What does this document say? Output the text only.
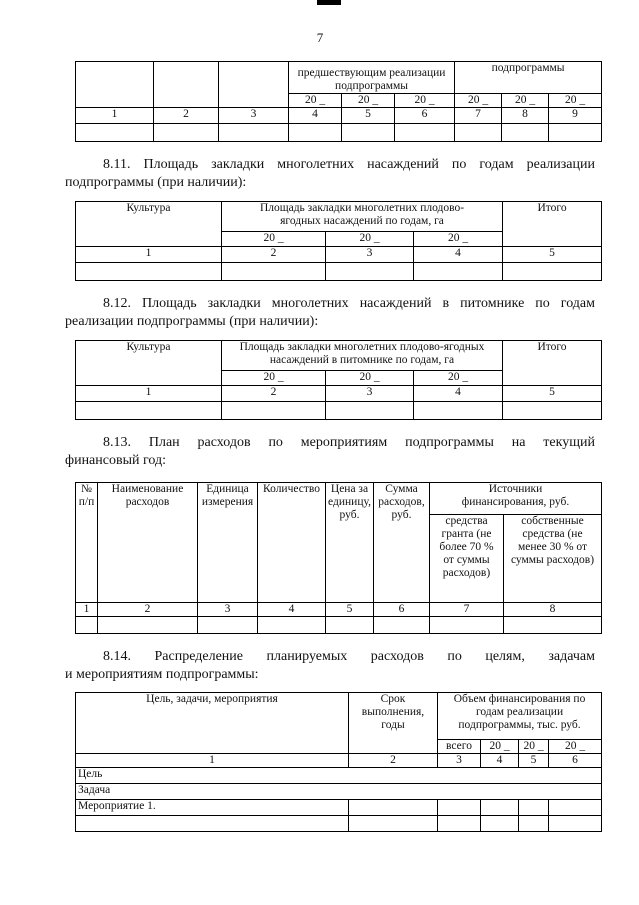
7
			предшествующим реализации подпрограммы			подпрограммы		
			20 _	20 _	20 _	20 _	20 _	20 _
1	2	3	4	5	6	7	8	9

8.11. Площадь закладки многолетних насаждений по годам реализации
подпрограммы (при наличии):
Культура	Площадь закладки многолетних плодово-ягодных насаждений по годам, га			Итого
	20 _	20 _	20 _	
1	2	3	4	5

8.12. Площадь закладки многолетних насаждений в питомнике по годам
реализации подпрограммы (при наличии):
Культура	Площадь закладки многолетних плодово-ягодных насаждений в питомнике по годам, га			Итого
	20 _	20 _	20 _	
1	2	3	4	5

8.13. План расходов по мероприятиям подпрограммы на текущий
финансовый год:
№ п/п	Наименование расходов	Единица измерения	Количество	Цена за единицу, руб.	Сумма расходов, руб.	Источники финансирования, руб.	
						средства гранта (не более 70 % от суммы расходов)	собственные средства (не менее 30 % от суммы расходов)
1	2	3	4	5	6	7	8

8.14. Распределение планируемых расходов по целям, задачам
и мероприятиям подпрограммы:
Цель, задачи, мероприятия	Срок выполнения, годы	Объем финансирования по годам реализации подпрограммы, тыс. руб.			
		всего	20 _	20 _	20 _
1	2	3	4	5	6
Цель					
Задача					
Мероприятие 1.					
